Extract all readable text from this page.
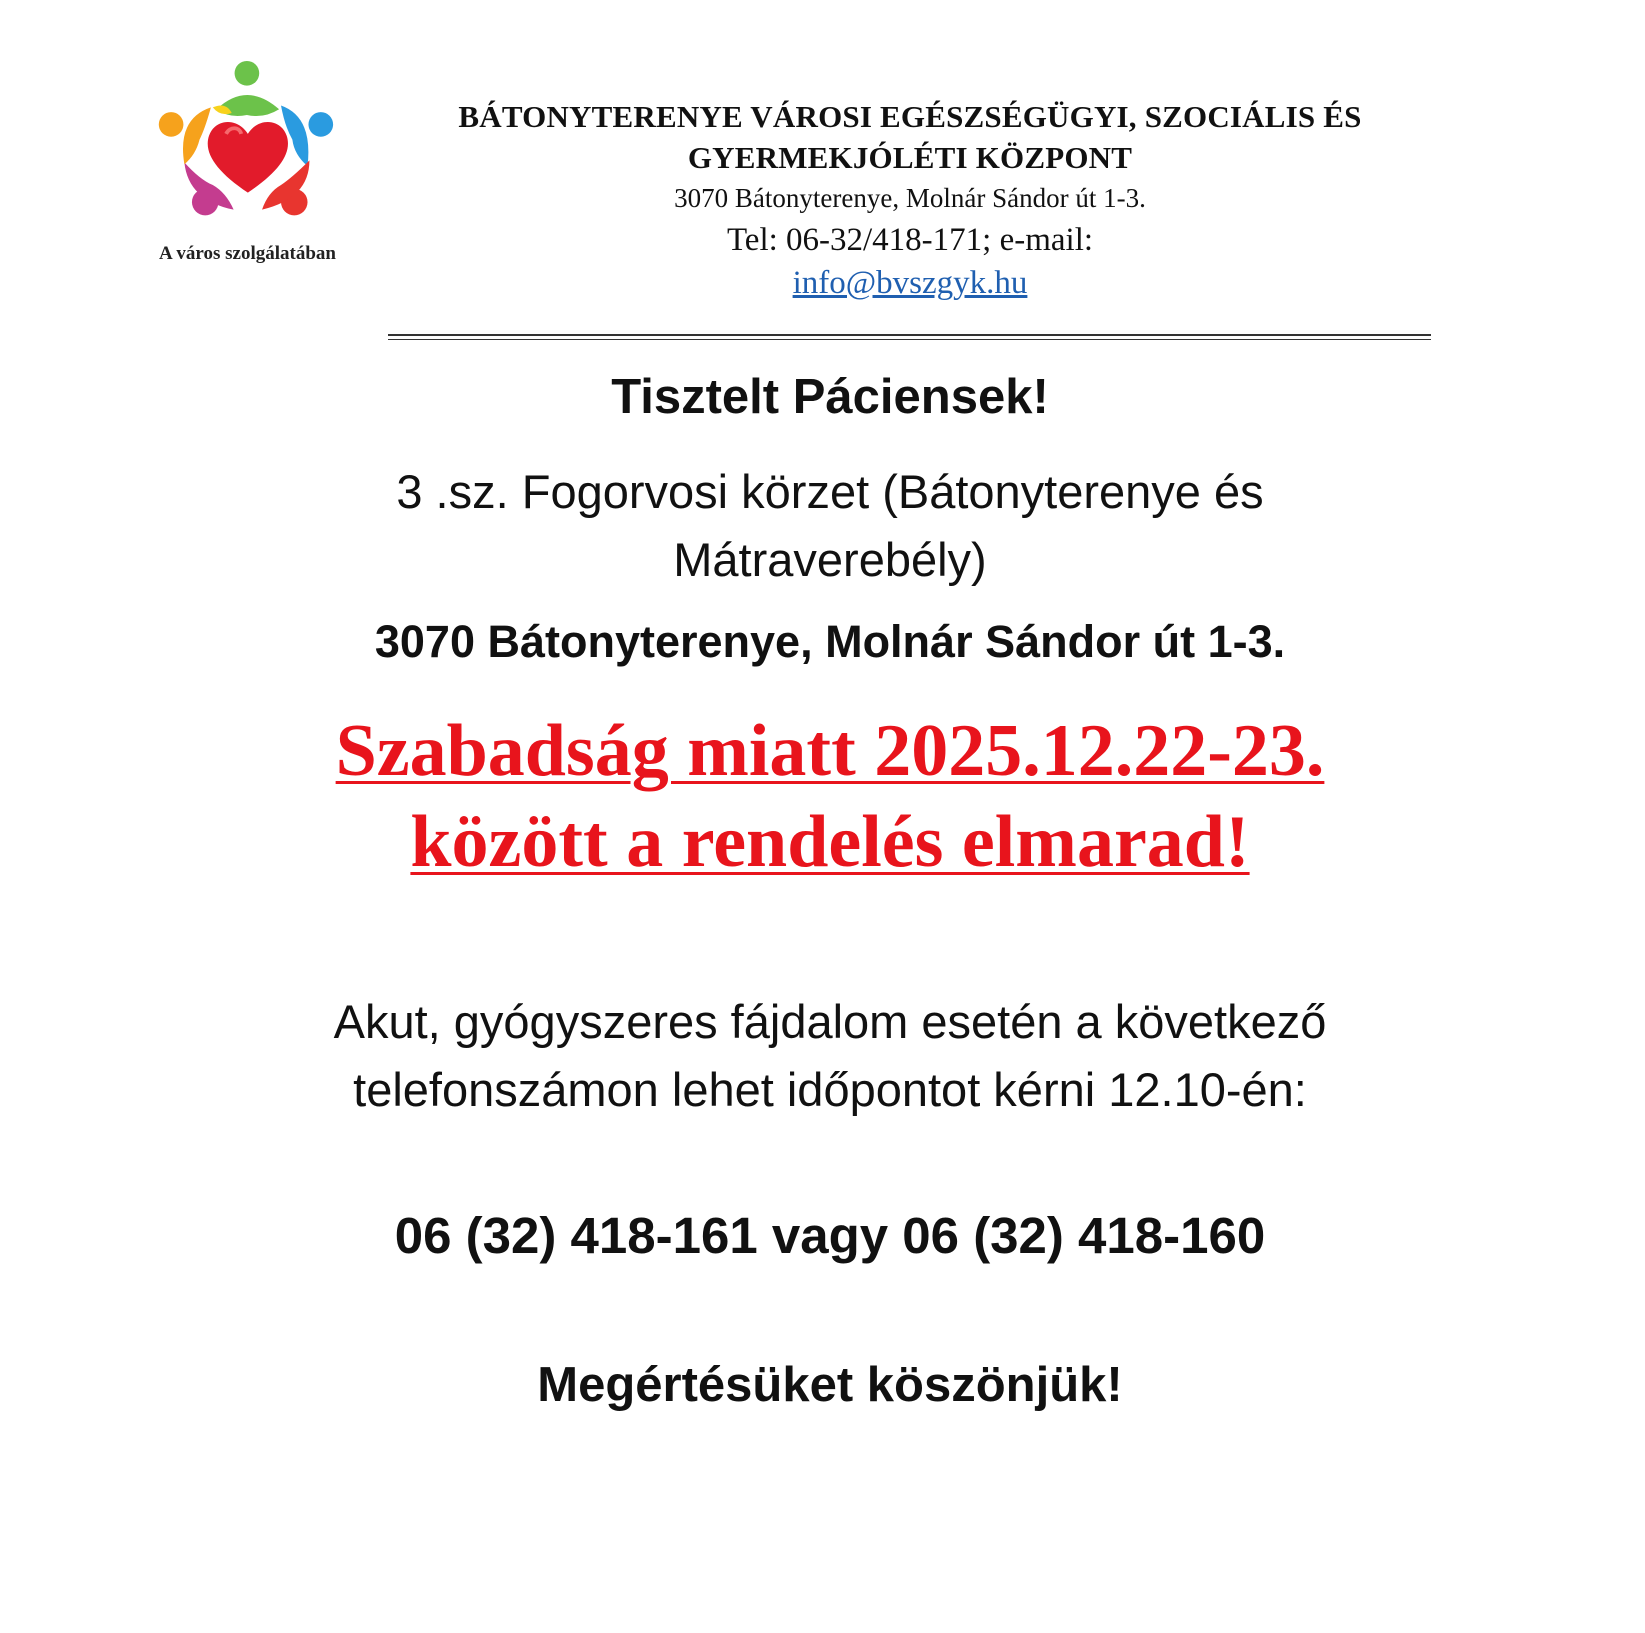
A város szolgálatában
BÁTONYTERENYE VÁROSI EGÉSZSÉGÜGYI, SZOCIÁLIS ÉS
GYERMEKJÓLÉTI KÖZPONT
3070 Bátonyterenye, Molnár Sándor út 1-3.
Tel: 06-32/418-171; e-mail:
info@bvszgyk.hu
Tisztelt Páciensek!
3 .sz. Fogorvosi körzet (Bátonyterenye és
Mátraverebély)
3070 Bátonyterenye, Molnár Sándor út 1-3.
Szabadság miatt 2025.12.22-23.
között a rendelés elmarad!
Akut, gyógyszeres fájdalom esetén a következő
telefonszámon lehet időpontot kérni 12.10-én:
06 (32) 418-161 vagy 06 (32) 418-160
Megértésüket köszönjük!
